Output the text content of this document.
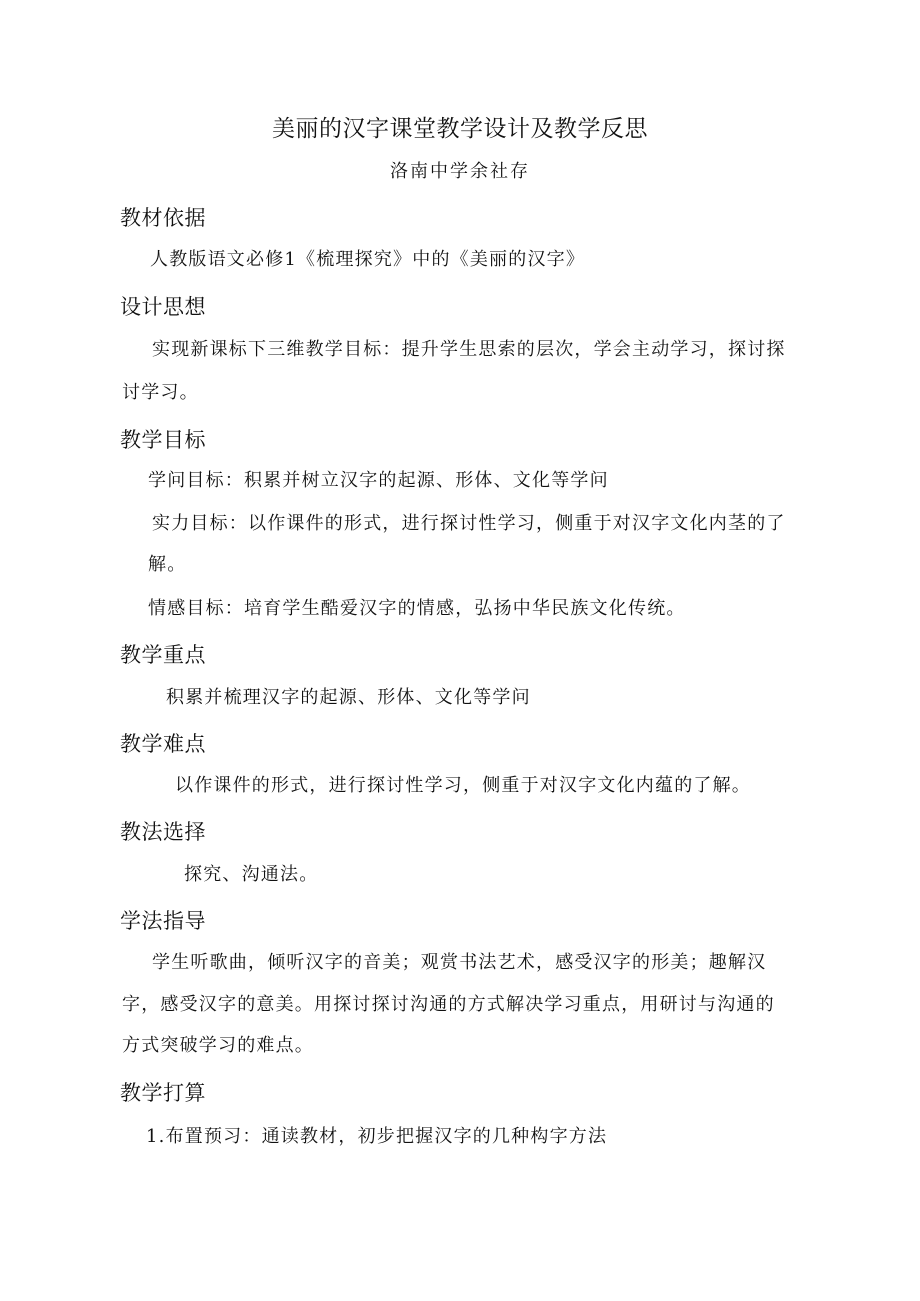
美丽的汉字课堂教学设计及教学反思
洛南中学余社存
教材依据
人教版语文必修1《梳理探究》中的《美丽的汉字》
设计思想
实现新课标下三维教学目标：提升学生思索的层次，学会主动学习，探讨探
讨学习。
教学目标
学问目标：积累并树立汉字的起源、形体、文化等学问
实力目标：以作课件的形式，进行探讨性学习，侧重于对汉字文化内茎的了
解。
情感目标：培育学生酷爱汉字的情感，弘扬中华民族文化传统。
教学重点
积累并梳理汉字的起源、形体、文化等学问
教学难点
以作课件的形式，进行探讨性学习，侧重于对汉字文化内蕴的了解。
教法选择
探究、沟通法。
学法指导
学生听歌曲，倾听汉字的音美；观赏书法艺术，感受汉字的形美；趣解汉
字，感受汉字的意美。用探讨探讨沟通的方式解决学习重点，用研讨与沟通的
方式突破学习的难点。
教学打算
1.布置预习：通读教材，初步把握汉字的几种构字方法
